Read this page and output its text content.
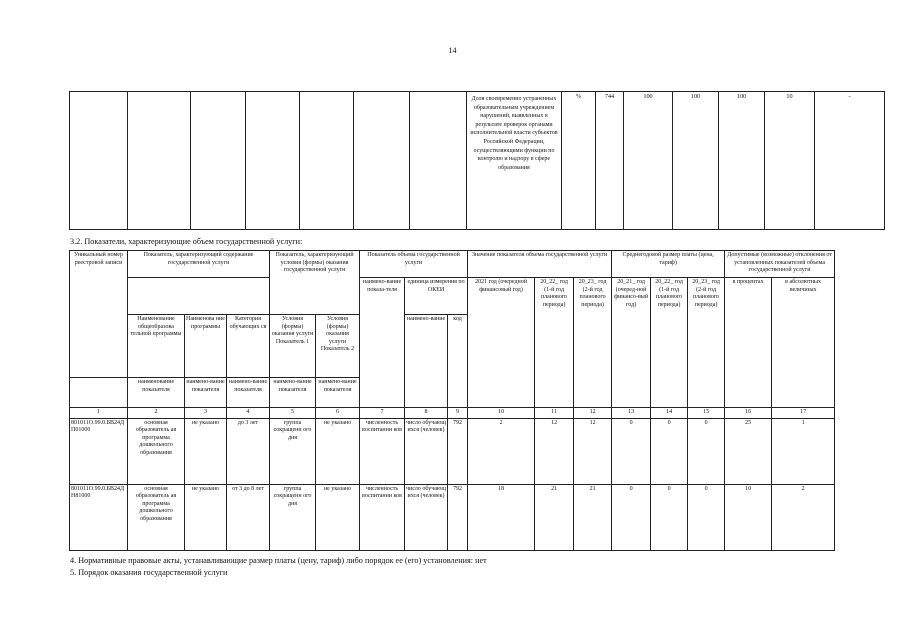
14
							Доля своевременно устраненных образовательным учреждением нарушений, выявленных в результате проверок органами исполнительной власти субъектов Российской Федерации, осуществляющими функции по контролю и надзору в сфере образования	%	744	100	100	100	10	-
3.2. Показатели, характеризующие объем государственной услуги:
Уникальный номер реестровой записи	Показатель, характеризующий содержание государственной услуги			Показатель, характеризующий условия (формы) оказания государственной услуги		Показатель объема государственной услуги			Значение показателя объема государственной услуги			Среднегодовой размер платы (цена, тариф)			Допустимые (возможные) отклонения от установленных показателей объема государственной услуги	
						наимено-вание показа-теля	единица измерения по ОКЕИ		2021 год (очередной финансовый год)	20_22_ год (1-й год планового периода)	20_23_ год (2-й год планового периода)	20_21_ год (очеред-ной финансо-вый год)	20_22_ год (1-й год планового периода)	20_23_ год (2-й год планового периода)	в процентах	в абсолютных величинах
	Наименование общеобразова тельной программы	Наименова ние программы	Категория обучающих ся	Условия (формы) оказания услуги Показатель 1	Условия (формы) оказания услуги Показатель 2		наимено-вание	код								
	наименование показателя	наимено-вание показателя	наимено-вание показателя	наимено-вание показателя	наимено-вание показателя											
1	2	3	4	5	6	7	8	9	10	11	12	13	14	15	16	17
801011О.99.0.БВ24ДП01000	основная образователь ая программа дошкольного образования	не указано	до 3 лет	группа сокращенн ого дня	не указано	численность воспитанни ков	число обучающ ихся (человек)	792	2	12	12	0	0	0	25	1
801011О.99.0.БВ24ДН81000	основная образователь ая программа дошкольного образования	не указано	от 3 до 8 лет	группа сокращенн ого дня	не указано	численность воспитанни ков	число обучающ ихся (человек)	792	18	21	21	0	0	0	10	2
4. Нормативные правовые акты, устанавливающие размер платы (цену, тариф) либо порядок ее (его) установления: нет
5. Порядок оказания государственной услуги
